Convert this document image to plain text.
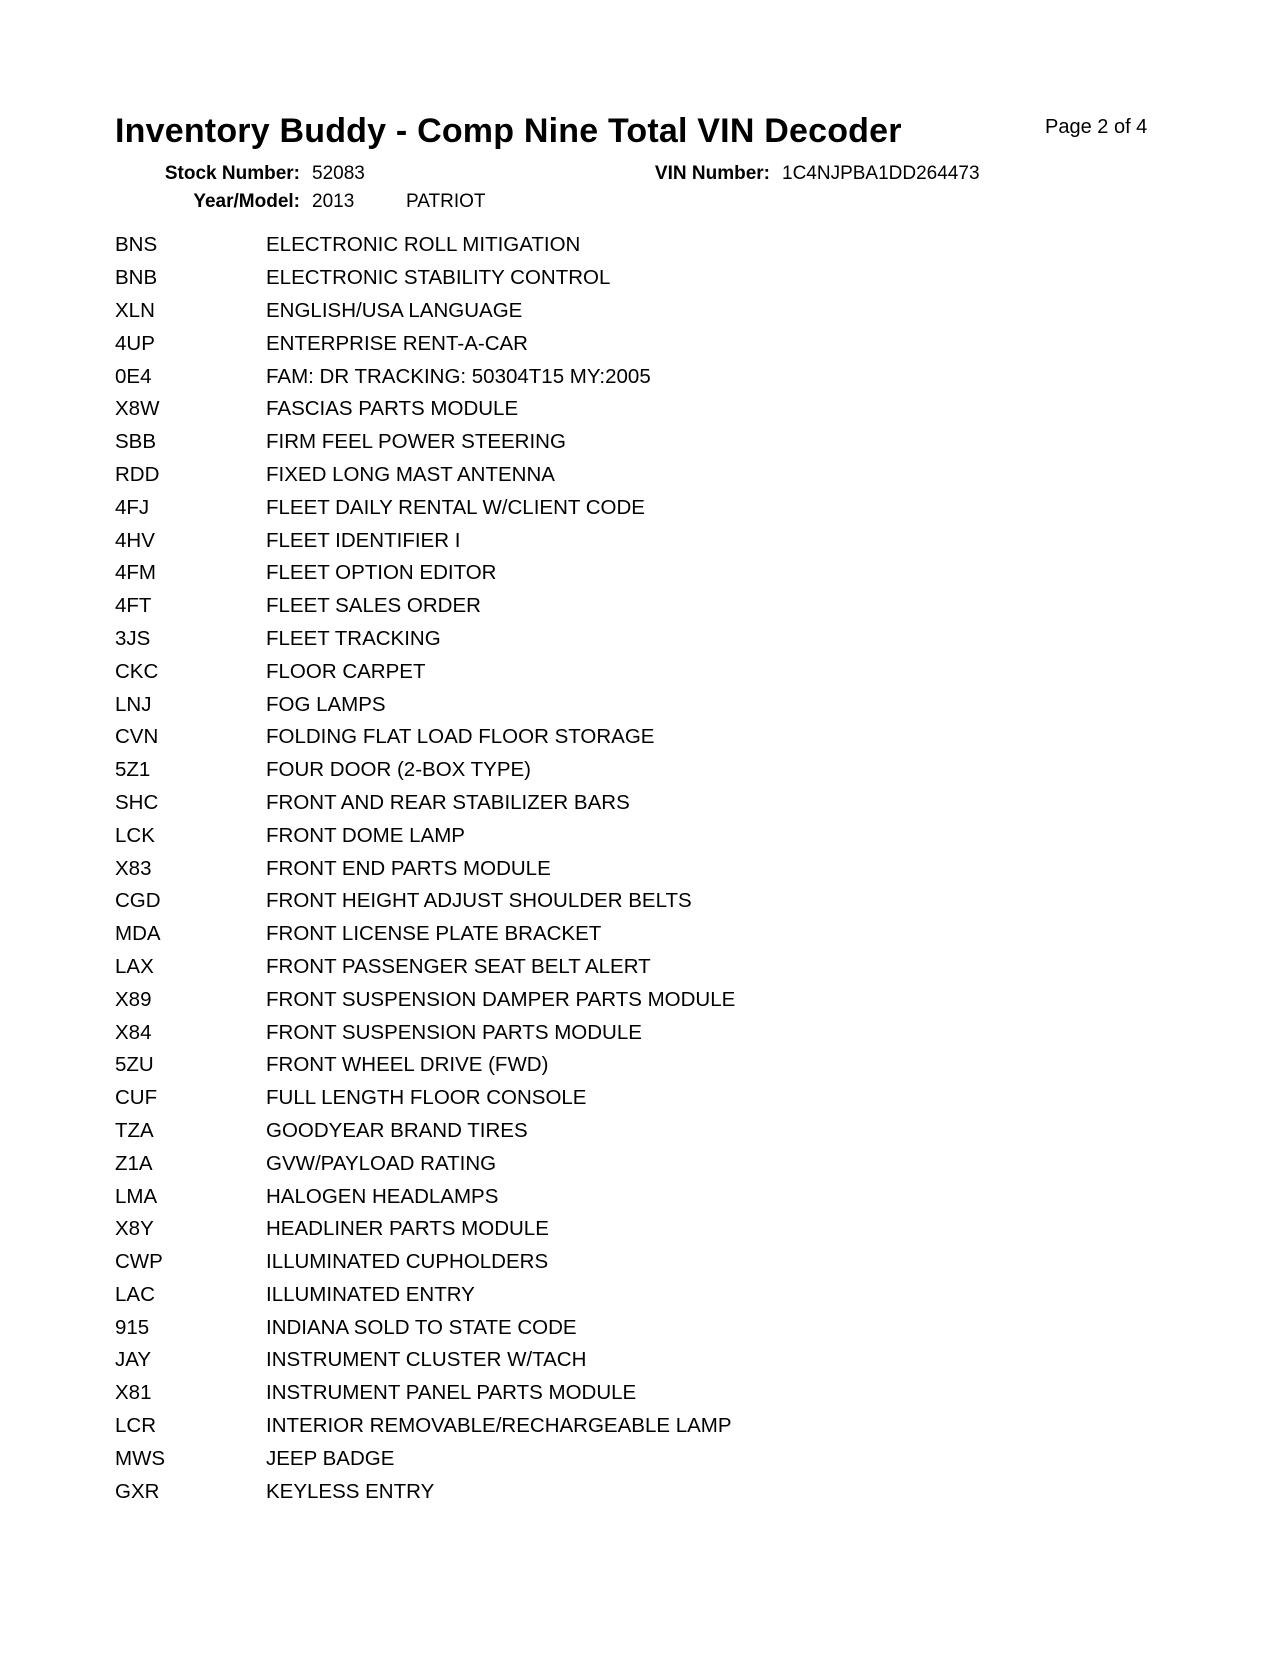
Inventory Buddy - Comp Nine Total VIN Decoder	Page 2 of 4
Stock Number: 52083
Year/Model: 2013	PATRIOT
VIN Number: 1C4NJPBA1DD264473
BNS	ELECTRONIC ROLL MITIGATION
BNB	ELECTRONIC STABILITY CONTROL
XLN	ENGLISH/USA LANGUAGE
4UP	ENTERPRISE RENT-A-CAR
0E4	FAM: DR TRACKING: 50304T15 MY:2005
X8W	FASCIAS PARTS MODULE
SBB	FIRM FEEL POWER STEERING
RDD	FIXED LONG MAST ANTENNA
4FJ	FLEET DAILY RENTAL W/CLIENT CODE
4HV	FLEET IDENTIFIER I
4FM	FLEET OPTION EDITOR
4FT	FLEET SALES ORDER
3JS	FLEET TRACKING
CKC	FLOOR CARPET
LNJ	FOG LAMPS
CVN	FOLDING FLAT LOAD FLOOR STORAGE
5Z1	FOUR DOOR (2-BOX TYPE)
SHC	FRONT AND REAR STABILIZER BARS
LCK	FRONT DOME LAMP
X83	FRONT END PARTS MODULE
CGD	FRONT HEIGHT ADJUST SHOULDER BELTS
MDA	FRONT LICENSE PLATE BRACKET
LAX	FRONT PASSENGER SEAT BELT ALERT
X89	FRONT SUSPENSION DAMPER PARTS MODULE
X84	FRONT SUSPENSION PARTS MODULE
5ZU	FRONT WHEEL DRIVE (FWD)
CUF	FULL LENGTH FLOOR CONSOLE
TZA	GOODYEAR BRAND TIRES
Z1A	GVW/PAYLOAD RATING
LMA	HALOGEN HEADLAMPS
X8Y	HEADLINER PARTS MODULE
CWP	ILLUMINATED CUPHOLDERS
LAC	ILLUMINATED ENTRY
915	INDIANA SOLD TO STATE CODE
JAY	INSTRUMENT CLUSTER W/TACH
X81	INSTRUMENT PANEL PARTS MODULE
LCR	INTERIOR REMOVABLE/RECHARGEABLE LAMP
MWS	JEEP BADGE
GXR	KEYLESS ENTRY
